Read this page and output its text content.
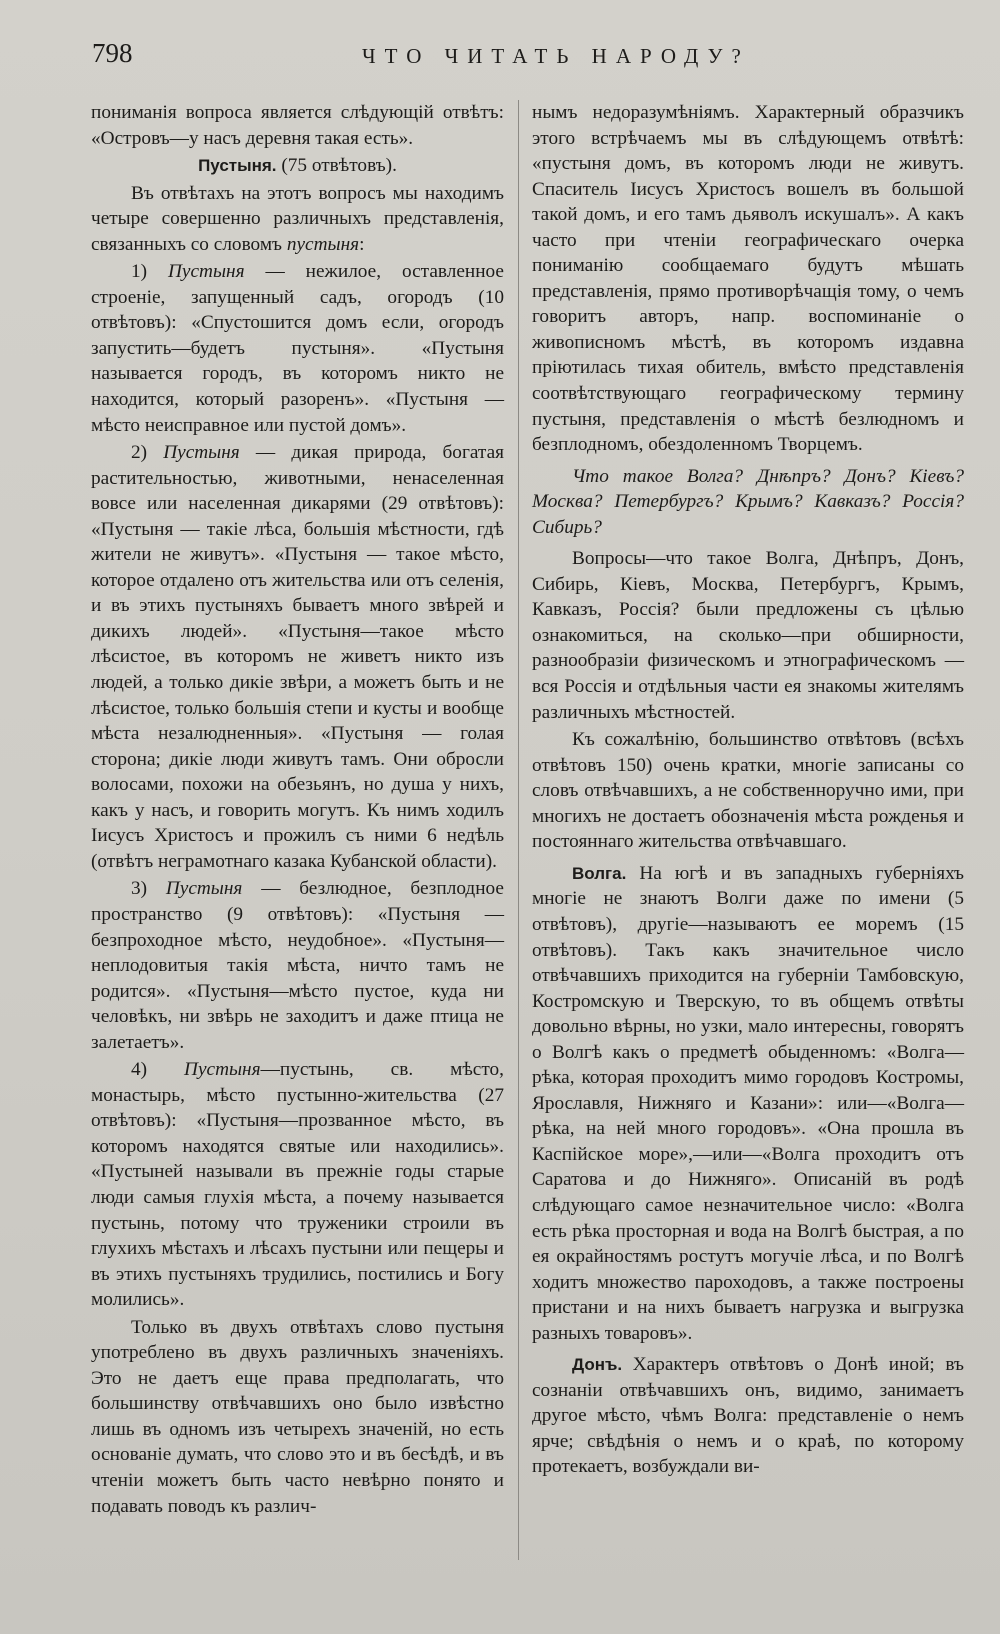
798	ЧТО ЧИТАТЬ НАРОДУ?

пониманія вопроса является слѣдующій отвѣтъ: «Островъ—у насъ деревня такая есть».

Пустыня. (75 отвѣтовъ).

Въ отвѣтахъ на этотъ вопросъ мы находимъ четыре совершенно различныхъ представленія, связанныхъ со словомъ пустыня:

1) Пустыня — нежилое, оставленное строеніе, запущенный садъ, огородъ (10 отвѣтовъ): «Спустошится домъ если, огородъ запустить—будетъ пустыня». «Пустыня называется городъ, въ которомъ никто не находится, который разоренъ». «Пустыня — мѣсто неисправное или пустой домъ».

2) Пустыня — дикая природа, богатая растительностью, животными, ненаселенная вовсе или населенная дикарями (29 отвѣтовъ): «Пустыня — такіе лѣса, большія мѣстности, гдѣ жители не живутъ». «Пустыня — такое мѣсто, которое отдалено отъ жительства или отъ селенія, и въ этихъ пустыняхъ бываетъ много звѣрей и дикихъ людей». «Пустыня—такое мѣсто лѣсистое, въ которомъ не живетъ никто изъ людей, а только дикіе звѣри, а можетъ быть и не лѣсистое, только большія степи и кусты и вообще мѣста незалюдненныя». «Пустыня — голая сторона; дикіе люди живутъ тамъ. Они обросли волосами, похожи на обезьянъ, но душа у нихъ, какъ у насъ, и говорить могутъ. Къ нимъ ходилъ Іисусъ Христосъ и прожилъ съ ними 6 недѣль (отвѣтъ неграмотнаго казака Кубанской области).

3) Пустыня — безлюдное, безплодное пространство (9 отвѣтовъ): «Пустыня — безпроходное мѣсто, неудобное». «Пустыня—неплодовитыя такія мѣста, ничто тамъ не родится». «Пустыня—мѣсто пустое, куда ни человѣкъ, ни звѣрь не заходитъ и даже птица не залетаетъ».

4) Пустыня—пустынь, св. мѣсто, монастырь, мѣсто пустынно-жительства (27 отвѣтовъ): «Пустыня—прозванное мѣсто, въ которомъ находятся святые или находились». «Пустыней называли въ прежніе годы старые люди самыя глухія мѣста, а почему называется пустынь, потому что труженики строили въ глухихъ мѣстахъ и лѣсахъ пустыни или пещеры и въ этихъ пустыняхъ трудились, постились и Богу молились».

Только въ двухъ отвѣтахъ слово пустыня употреблено въ двухъ различныхъ значеніяхъ. Это не даетъ еще права предполагать, что большинству отвѣчавшихъ оно было извѣстно лишь въ одномъ изъ четырехъ значеній, но есть основаніе думать, что слово это и въ бесѣдѣ, и въ чтеніи можетъ быть часто невѣрно понято и подавать поводъ къ различ-

нымъ недоразумѣніямъ. Характерный образчикъ этого встрѣчаемъ мы въ слѣдующемъ отвѣтѣ: «пустыня домъ, въ которомъ люди не живутъ. Спаситель Іисусъ Христосъ вошелъ въ большой такой домъ, и его тамъ дьяволъ искушалъ». А какъ часто при чтеніи географическаго очерка пониманію сообщаемаго будутъ мѣшать представленія, прямо противорѣчащія тому, о чемъ говоритъ авторъ, напр. воспоминаніе о живописномъ мѣстѣ, въ которомъ издавна пріютилась тихая обитель, вмѣсто представленія соотвѣтствующаго географическому термину пустыня, представленія о мѣстѣ безлюдномъ и безплодномъ, обездоленномъ Творцемъ.

Что такое Волга? Днѣпръ? Донъ? Кіевъ? Москва? Петербургъ? Крымъ? Кавказъ? Россія? Сибирь?

Вопросы—что такое Волга, Днѣпръ, Донъ, Сибирь, Кіевъ, Москва, Петербургъ, Крымъ, Кавказъ, Россія? были предложены съ цѣлью ознакомиться, на сколько—при обширности, разнообразіи физическомъ и этнографическомъ — вся Россія и отдѣльныя части ея знакомы жителямъ различныхъ мѣстностей.

Къ сожалѣнію, большинство отвѣтовъ (всѣхъ отвѣтовъ 150) очень кратки, многіе записаны со словъ отвѣчавшихъ, а не собственноручно ими, при многихъ не достаетъ обозначенія мѣста рожденья и постояннаго жительства отвѣчавшаго.

Волга. На югѣ и въ западныхъ губерніяхъ многіе не знаютъ Волги даже по имени (5 отвѣтовъ), другіе—называютъ ее моремъ (15 отвѣтовъ). Такъ какъ значительное число отвѣчавшихъ приходится на губерніи Тамбовскую, Костромскую и Тверскую, то въ общемъ отвѣты довольно вѣрны, но узки, мало интересны, говорятъ о Волгѣ какъ о предметѣ обыденномъ: «Волга—рѣка, которая проходитъ мимо городовъ Костромы, Ярославля, Нижняго и Казани»: или—«Волга—рѣка, на ней много городовъ». «Она прошла въ Каспійское море»,—или—«Волга проходитъ отъ Саратова и до Нижняго». Описаній въ родѣ слѣдующаго самое незначительное число: «Волга есть рѣка просторная и вода на Волгѣ быстрая, а по ея окрайностямъ ростутъ могучіе лѣса, и по Волгѣ ходитъ множество пароходовъ, а также построены пристани и на нихъ бываетъ нагрузка и выгрузка разныхъ товаровъ».

Донъ. Характеръ отвѣтовъ о Донѣ иной; въ сознаніи отвѣчавшихъ онъ, видимо, занимаетъ другое мѣсто, чѣмъ Волга: представленіе о немъ ярче; свѣдѣнія о немъ и о краѣ, по которому протекаетъ, возбуждали ви-
